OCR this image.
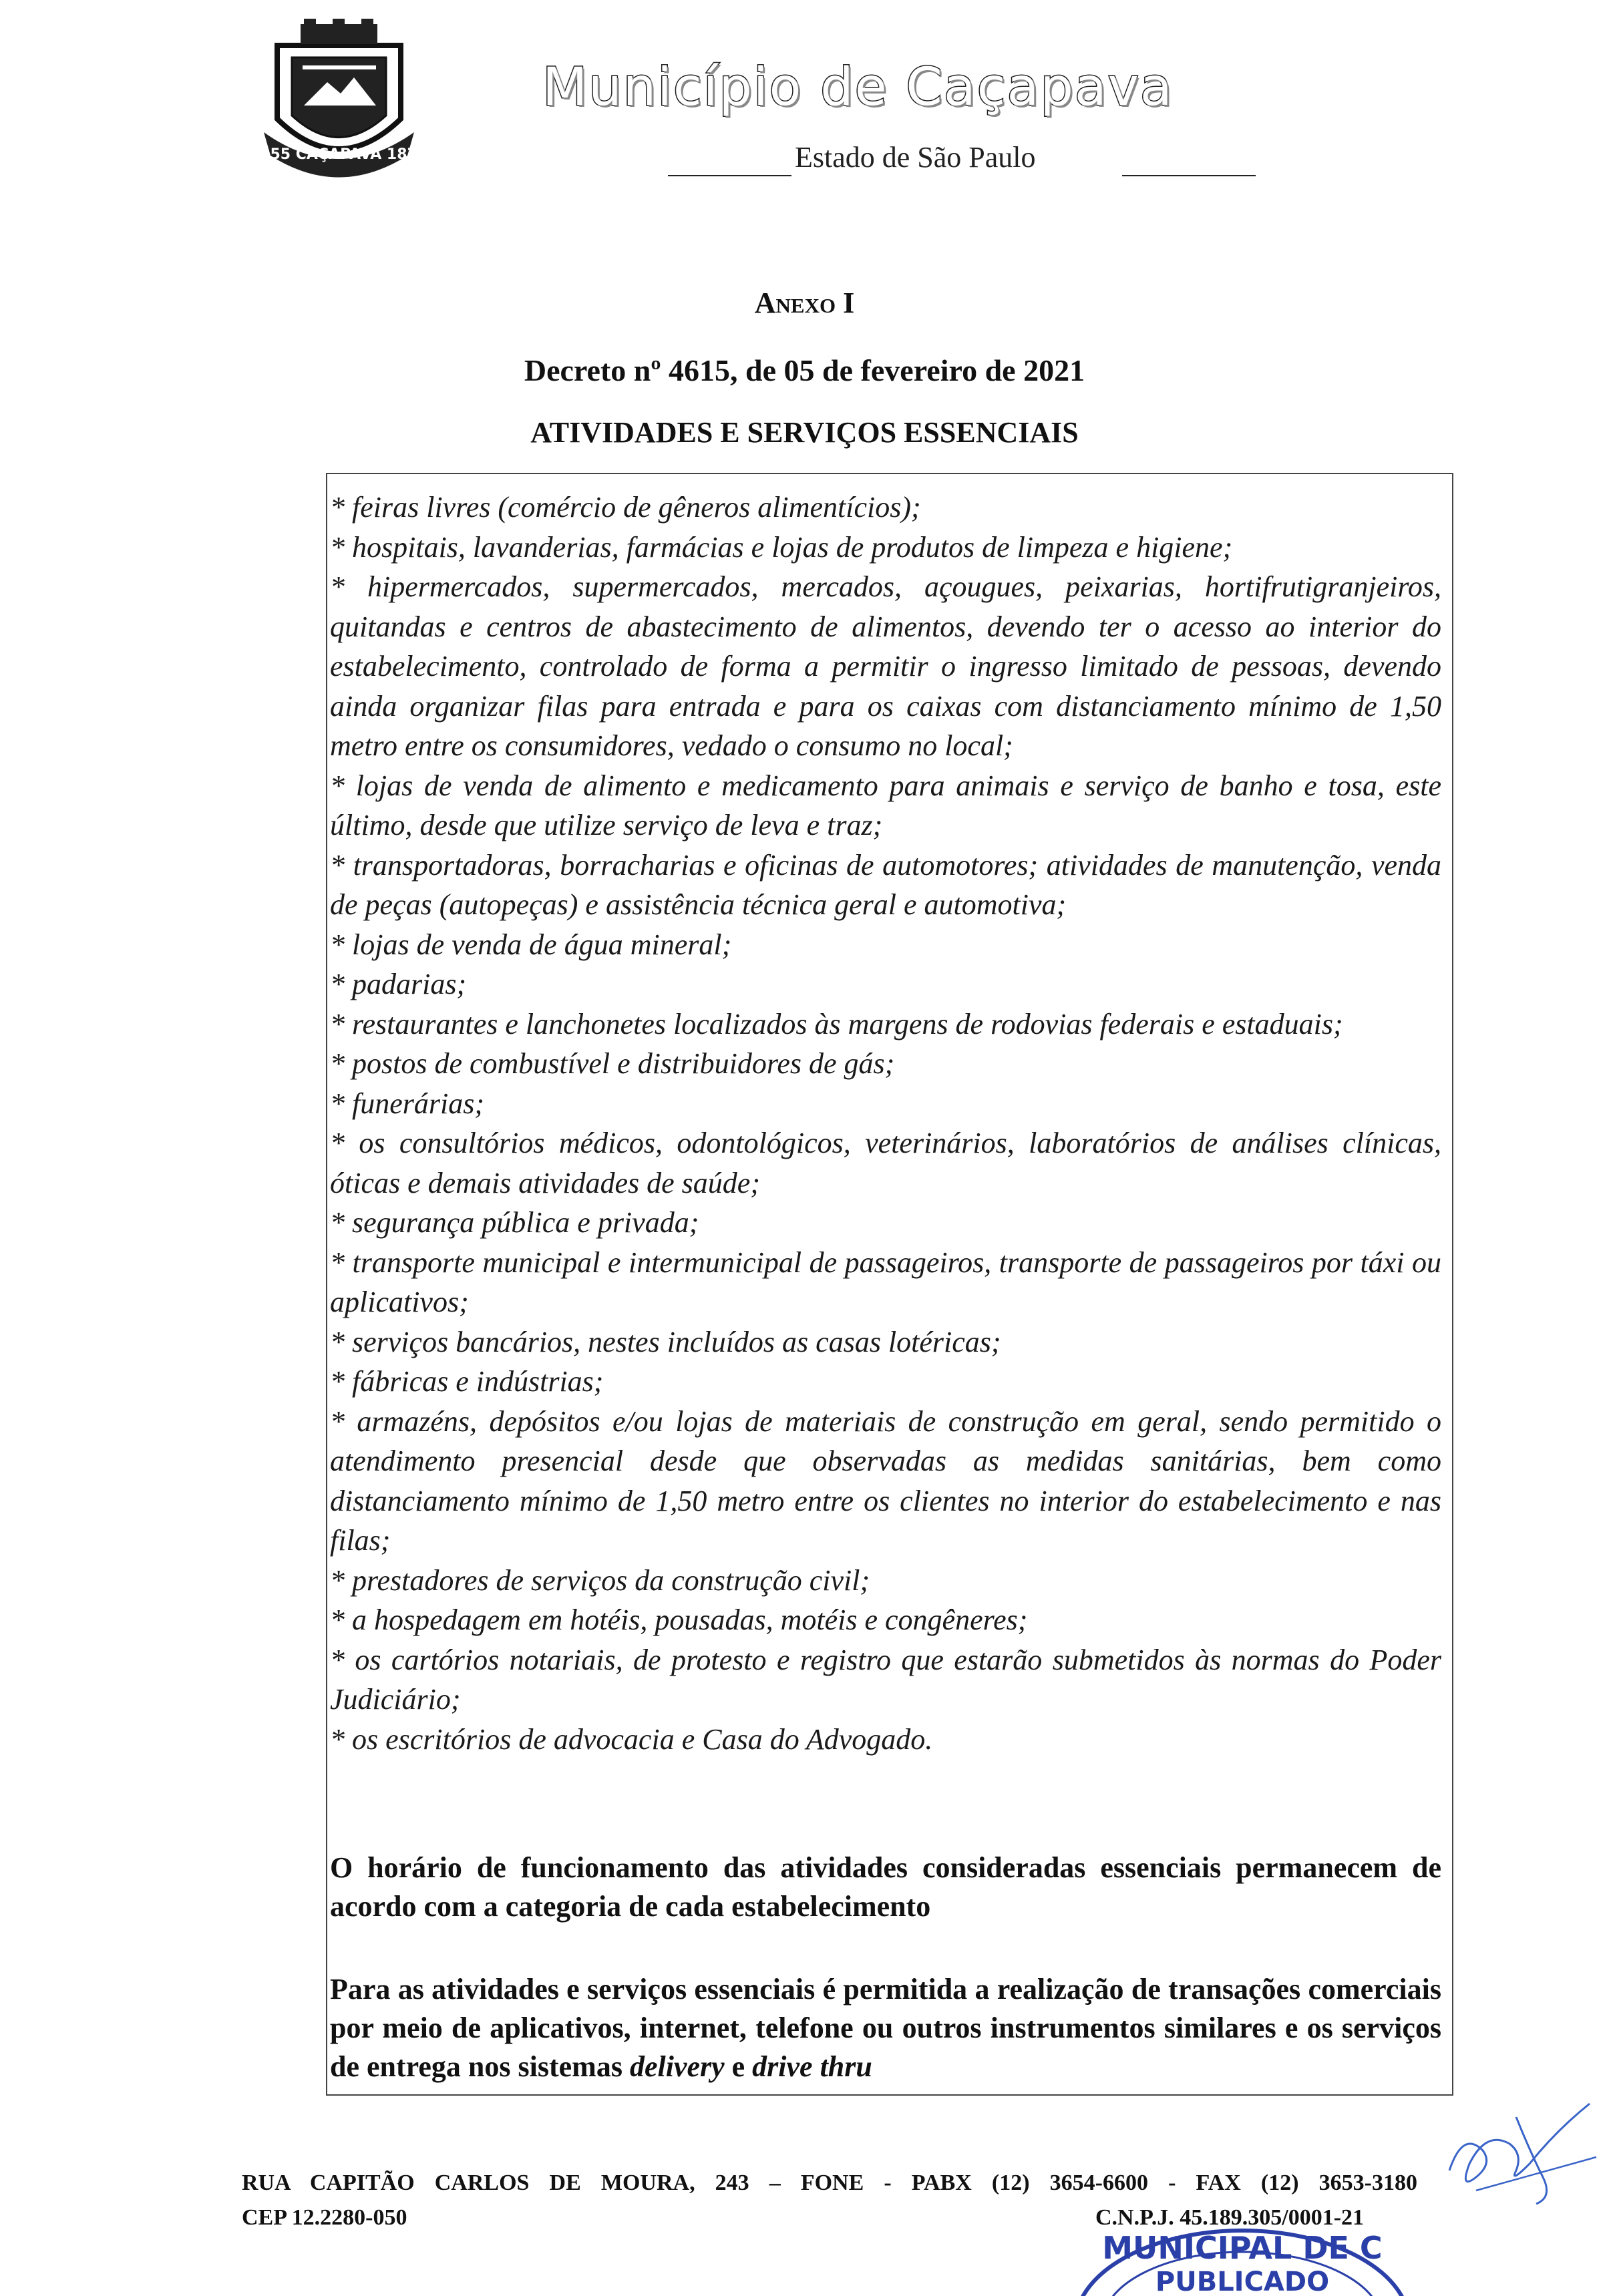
1855 CAÇAPAVA 1875
Município de Caçapava
Estado de São Paulo
Anexo I
Decreto nº 4615, de 05 de fevereiro de 2021
ATIVIDADES E SERVIÇOS ESSENCIAIS
* feiras livres (comércio de gêneros alimentícios);
* hospitais, lavanderias, farmácias e lojas de produtos de limpeza e higiene;
* hipermercados, supermercados, mercados, açougues, peixarias, hortifrutigranjeiros, quitandas e centros de abastecimento de alimentos, devendo ter o acesso ao interior do estabelecimento, controlado de forma a permitir o ingresso limitado de pessoas, devendo ainda organizar filas para entrada e para os caixas com distanciamento mínimo de 1,50 metro entre os consumidores, vedado o consumo no local;
* lojas de venda de alimento e medicamento para animais e serviço de banho e tosa, este último, desde que utilize serviço de leva e traz;
* transportadoras, borracharias e oficinas de automotores; atividades de manutenção, venda de peças (autopeças) e assistência técnica geral e automotiva;
* lojas de venda de água mineral;
* padarias;
* restaurantes e lanchonetes localizados às margens de rodovias federais e estaduais;
* postos de combustível e distribuidores de gás;
* funerárias;
* os consultórios médicos, odontológicos, veterinários, laboratórios de análises clínicas, óticas e demais atividades de saúde;
* segurança pública e privada;
* transporte municipal e intermunicipal de passageiros, transporte de passageiros por táxi ou aplicativos;
* serviços bancários, nestes incluídos as casas lotéricas;
* fábricas e indústrias;
* armazéns, depósitos e/ou lojas de materiais de construção em geral, sendo permitido o atendimento presencial desde que observadas as medidas sanitárias, bem como distanciamento mínimo de 1,50 metro entre os clientes no interior do estabelecimento e nas filas;
* prestadores de serviços da construção civil;
* a hospedagem em hotéis, pousadas, motéis e congêneres;
* os cartórios notariais, de protesto e registro que estarão submetidos às normas do Poder Judiciário;
* os escritórios de advocacia e Casa do Advogado.

O horário de funcionamento das atividades consideradas essenciais permanecem de acordo com a categoria de cada estabelecimento

Para as atividades e serviços essenciais é permitida a realização de transações comerciais por meio de aplicativos, internet, telefone ou outros instrumentos similares e os serviços de entrega nos sistemas delivery e drive thru

RUA CAPITÃO CARLOS DE MOURA, 243 – FONE - PABX (12) 3654-6600 - FAX (12) 3653-3180
CEP 12.2280-050	C.N.P.J. 45.189.305/0001-21
MUNICIPAL DE C
PUBLICADO
